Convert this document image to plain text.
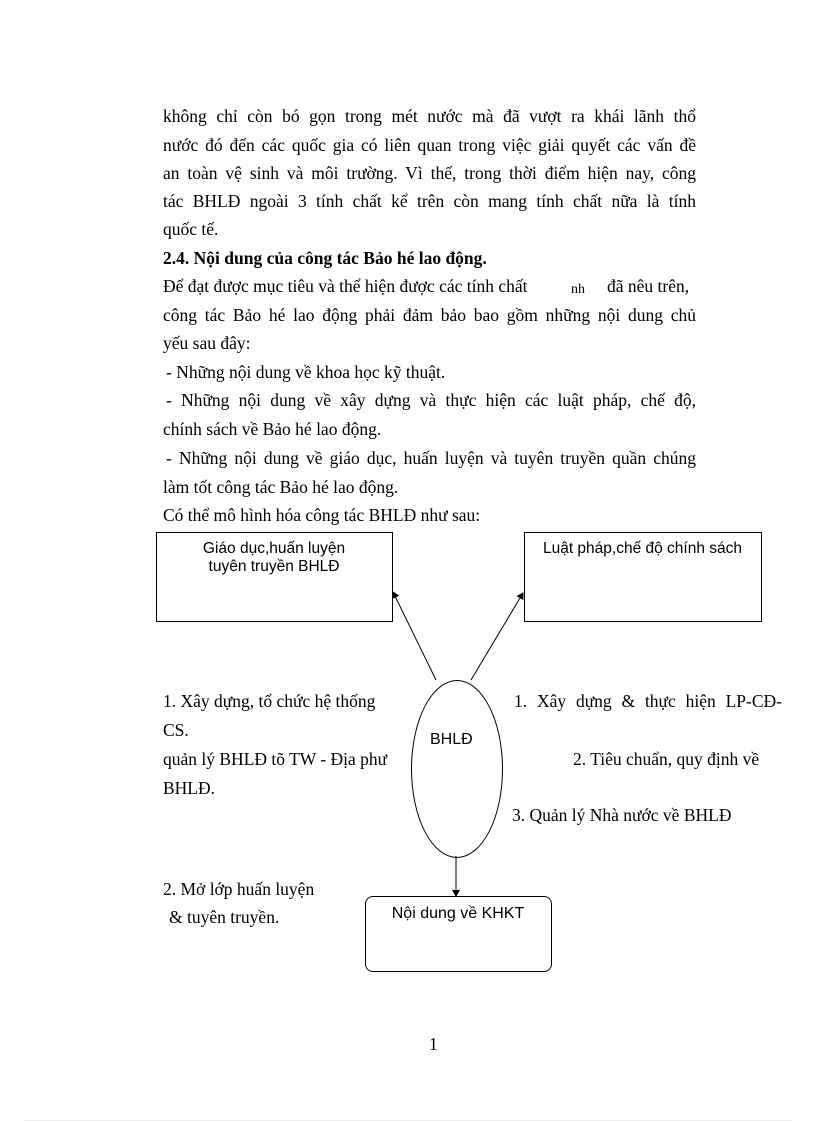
không chỉ còn bó gọn trong mét nước mà đã vượt ra khái lãnh thổ
nước đó đến các quốc gia có liên quan trong việc giải quyết các vấn đề
an toàn vệ sinh và môi trường. Vì thế, trong thời điểm hiện nay, công
tác BHLĐ ngoài 3 tính chất kể trên còn mang tính chất nữa là tính
quốc tế.
2.4. Nội dung của công tác Bảo hé lao động.
Để đạt được mục tiêu và thể hiện được các tính chất	nh đã nêu trên,
công tác Bảo hé lao động phải đảm bảo bao gồm những nội dung chủ
yếu sau đây:
- Những nội dung về khoa học kỹ thuật.
- Những nội dung về xây dựng và thực hiện các luật pháp, chế độ,
chính sách về Bảo hé lao động.
- Những nội dung về giáo dục, huấn luyện và tuyên truyền quần chúng
làm tốt công tác Bảo hé lao động.
Có thể mô hình hóa công tác BHLĐ như sau:
Giáo dục,huấn luyện
tuyên truyền BHLĐ
Luật pháp,chế độ chính sách
BHLĐ
1. Xây dựng, tổ chức hệ thống
CS.
quản lý BHLĐ tõ TW - Địa phư
BHLĐ.
1. Xây dựng & thực hiện LP-CĐ-
2. Tiêu chuẩn, quy định về
3. Quản lý Nhà nước về BHLĐ
2. Mở lớp huấn luyện
& tuyên truyền.	Nội dung về KHKT
1
